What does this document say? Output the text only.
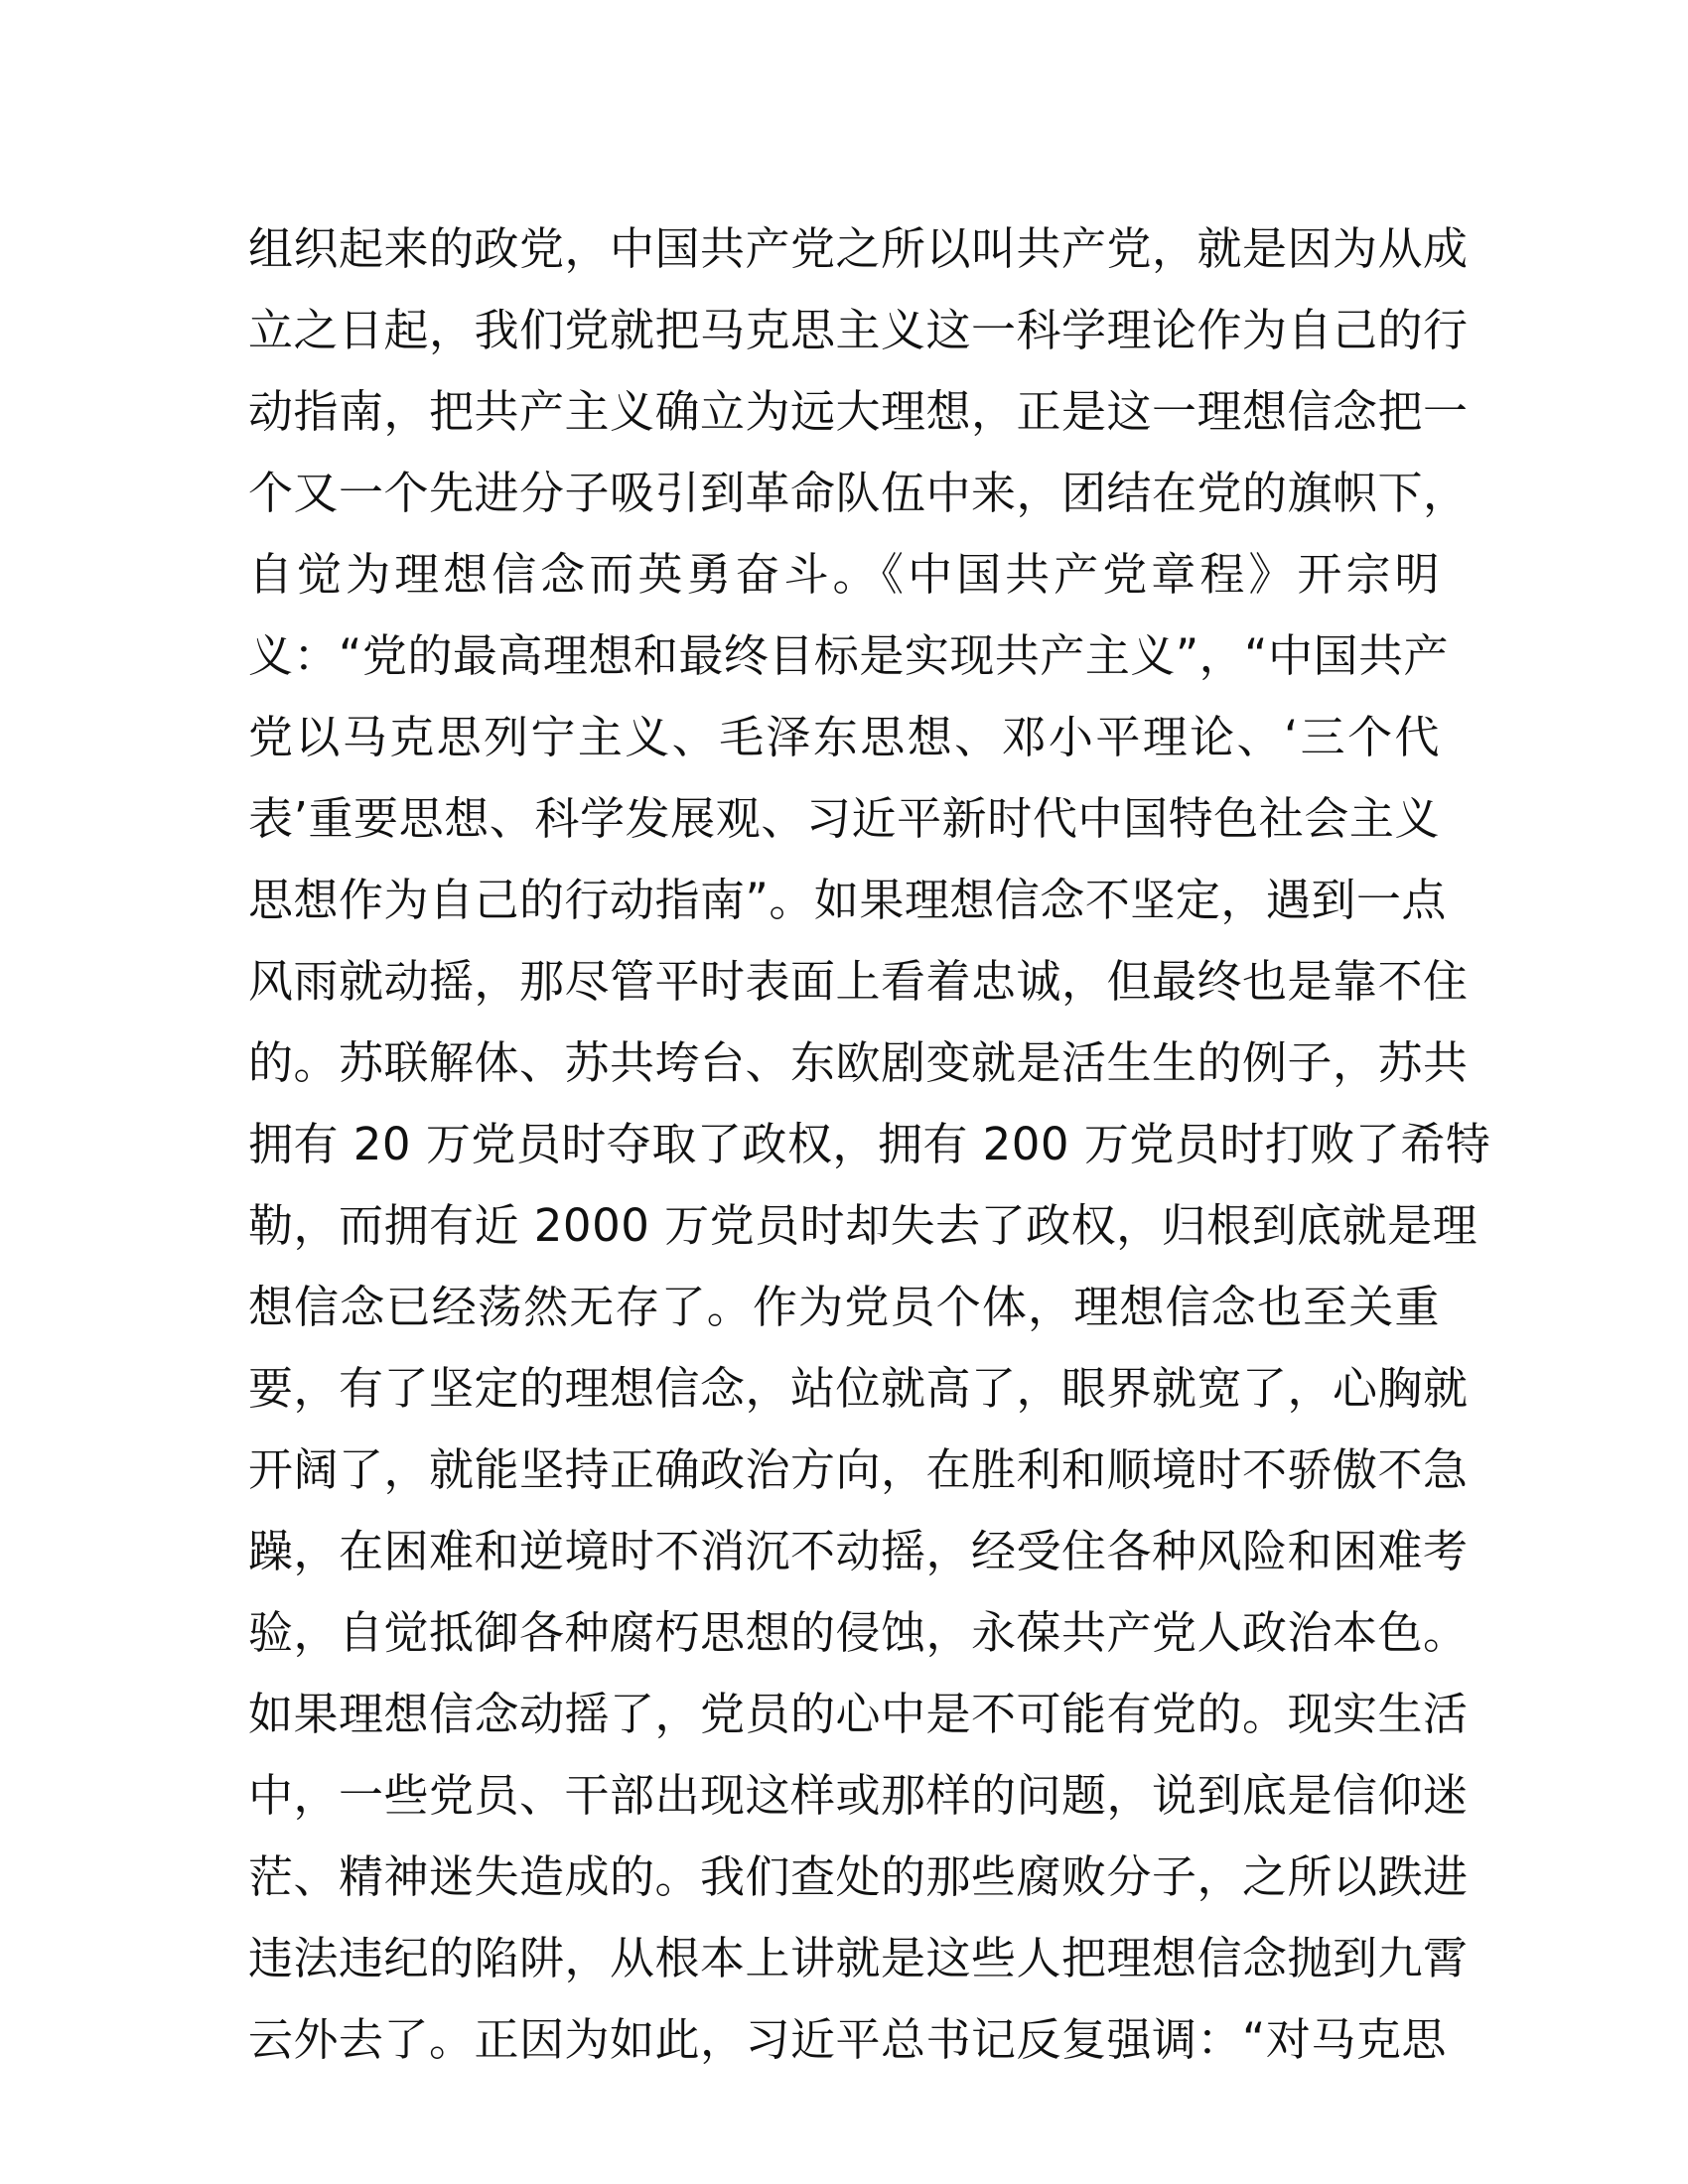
组织起来的政党，中国共产党之所以叫共产党，就是因为从成
立之日起，我们党就把马克思主义这一科学理论作为自己的行
动指南，把共产主义确立为远大理想，正是这一理想信念把一
个又一个先进分子吸引到革命队伍中来，团结在党的旗帜下，
自觉为理想信念而英勇奋斗。《中国共产党章程》开宗明
义：“党的最高理想和最终目标是实现共产主义”，“中国共产
党以马克思列宁主义、毛泽东思想、邓小平理论、‘三个代
表’重要思想、科学发展观、习近平新时代中国特色社会主义
思想作为自己的行动指南”。如果理想信念不坚定，遇到一点
风雨就动摇，那尽管平时表面上看着忠诚，但最终也是靠不住
的。苏联解体、苏共垮台、东欧剧变就是活生生的例子，苏共
拥有 20 万党员时夺取了政权，拥有 200 万党员时打败了希特
勒，而拥有近 2000 万党员时却失去了政权，归根到底就是理
想信念已经荡然无存了。作为党员个体，理想信念也至关重
要，有了坚定的理想信念，站位就高了，眼界就宽了，心胸就
开阔了，就能坚持正确政治方向，在胜利和顺境时不骄傲不急
躁，在困难和逆境时不消沉不动摇，经受住各种风险和困难考
验，自觉抵御各种腐朽思想的侵蚀，永葆共产党人政治本色。
如果理想信念动摇了，党员的心中是不可能有党的。现实生活
中，一些党员、干部出现这样或那样的问题，说到底是信仰迷
茫、精神迷失造成的。我们查处的那些腐败分子，之所以跌进
违法违纪的陷阱，从根本上讲就是这些人把理想信念抛到九霄
云外去了。正因为如此，习近平总书记反复强调：“对马克思
